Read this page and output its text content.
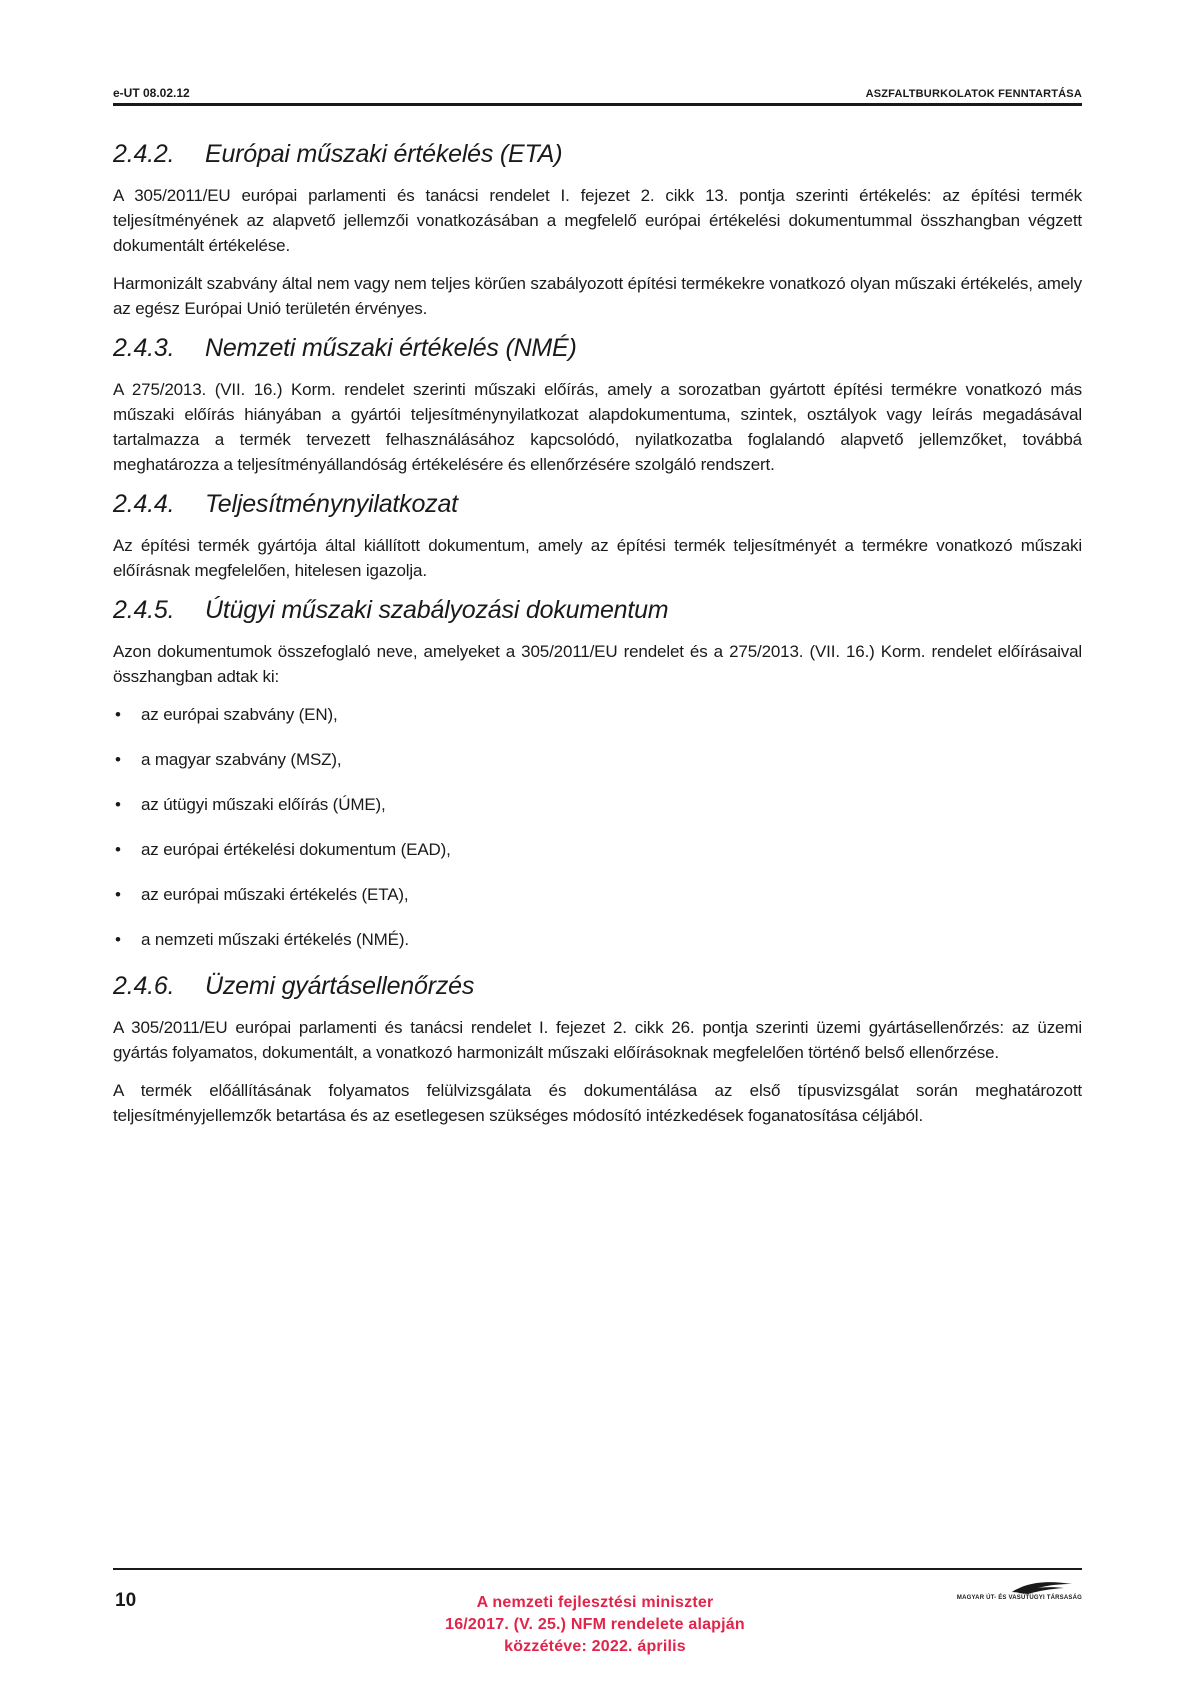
e-UT 08.02.12	ASZFALTBURKOLATOK FENNTARTÁSA
2.4.2. Európai műszaki értékelés (ETA)

A 305/2011/EU európai parlamenti és tanácsi rendelet I. fejezet 2. cikk 13. pontja szerinti értékelés: az építési termék teljesítményének az alapvető jellemzői vonatkozásában a megfelelő európai értékelési dokumentummal összhangban végzett dokumentált értékelése.

Harmonizált szabvány által nem vagy nem teljes körűen szabályozott építési termékekre vonatkozó olyan műszaki értékelés, amely az egész Európai Unió területén érvényes.

2.4.3. Nemzeti műszaki értékelés (NMÉ)

A 275/2013. (VII. 16.) Korm. rendelet szerinti műszaki előírás, amely a sorozatban gyártott építési termékre vonatkozó más műszaki előírás hiányában a gyártói teljesítménynyilatkozat alapdokumentuma, szintek, osztályok vagy leírás megadásával tartalmazza a termék tervezett felhasználásához kapcsolódó, nyilatkozatba foglalandó alapvető jellemzőket, továbbá meghatározza a teljesítményállandóság értékelésére és ellenőrzésére szolgáló rendszert.

2.4.4. Teljesítménynyilatkozat

Az építési termék gyártója által kiállított dokumentum, amely az építési termék teljesítményét a termékre vonatkozó műszaki előírásnak megfelelően, hitelesen igazolja.

2.4.5. Útügyi műszaki szabályozási dokumentum

Azon dokumentumok összefoglaló neve, amelyeket a 305/2011/EU rendelet és a 275/2013. (VII. 16.) Korm. rendelet előírásaival összhangban adtak ki:

• az európai szabvány (EN),
• a magyar szabvány (MSZ),
• az útügyi műszaki előírás (ÚME),
• az európai értékelési dokumentum (EAD),
• az európai műszaki értékelés (ETA),
• a nemzeti műszaki értékelés (NMÉ).
2.4.6. Üzemi gyártásellenőrzés

A 305/2011/EU európai parlamenti és tanácsi rendelet I. fejezet 2. cikk 26. pontja szerinti üzemi gyártásellenőrzés: az üzemi gyártás folyamatos, dokumentált, a vonatkozó harmonizált műszaki előírásoknak megfelelően történő belső ellenőrzése.

A termék előállításának folyamatos felülvizsgálata és dokumentálása az első típusvizsgálat során meghatározott teljesítményjellemzők betartása és az esetlegesen szükséges módosító intézkedések foganatosítása céljából.

10	A nemzeti fejlesztési miniszter
16/2017. (V. 25.) NFM rendelete alapján
közzétéve: 2022. április
MAGYAR ÚT- ÉS VASÚTÜGYI TÁRSASÁG
